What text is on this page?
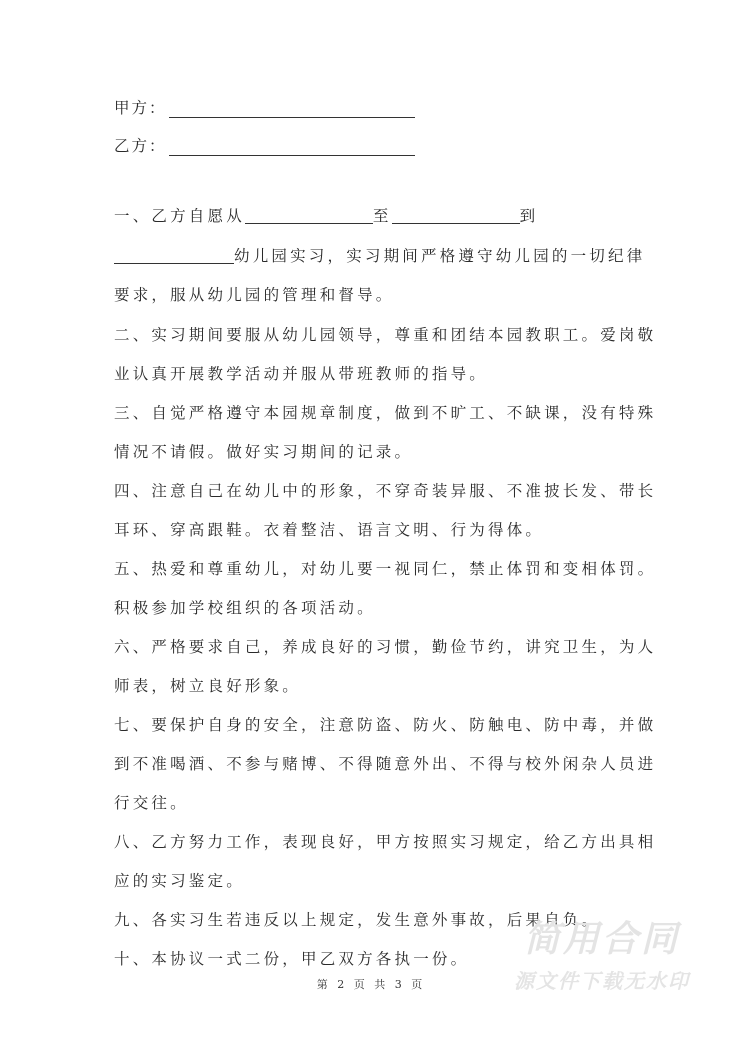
甲方：
乙方：
一、乙方自愿从	至	到
幼儿园实习，实习期间严格遵守幼儿园的一切纪律
要求，服从幼儿园的管理和督导。
二、实习期间要服从幼儿园领导，尊重和团结本园教职工。爱岗敬
业认真开展教学活动并服从带班教师的指导。
三、自觉严格遵守本园规章制度，做到不旷工、不缺课，没有特殊
情况不请假。做好实习期间的记录。
四、注意自己在幼儿中的形象，不穿奇装异服、不准披长发、带长
耳环、穿高跟鞋。衣着整洁、语言文明、行为得体。
五、热爱和尊重幼儿，对幼儿要一视同仁，禁止体罚和变相体罚。
积极参加学校组织的各项活动。
六、严格要求自己，养成良好的习惯，勤俭节约，讲究卫生，为人
师表，树立良好形象。
七、要保护自身的安全，注意防盗、防火、防触电、防中毒，并做
到不准喝酒、不参与赌博、不得随意外出、不得与校外闲杂人员进
行交往。
八、乙方努力工作，表现良好，甲方按照实习规定，给乙方出具相
应的实习鉴定。
九、各实习生若违反以上规定，发生意外事故，后果自负。
十、本协议一式二份，甲乙双方各执一份。	简用合同
源文件下载无水印
第 2 页 共 3 页
